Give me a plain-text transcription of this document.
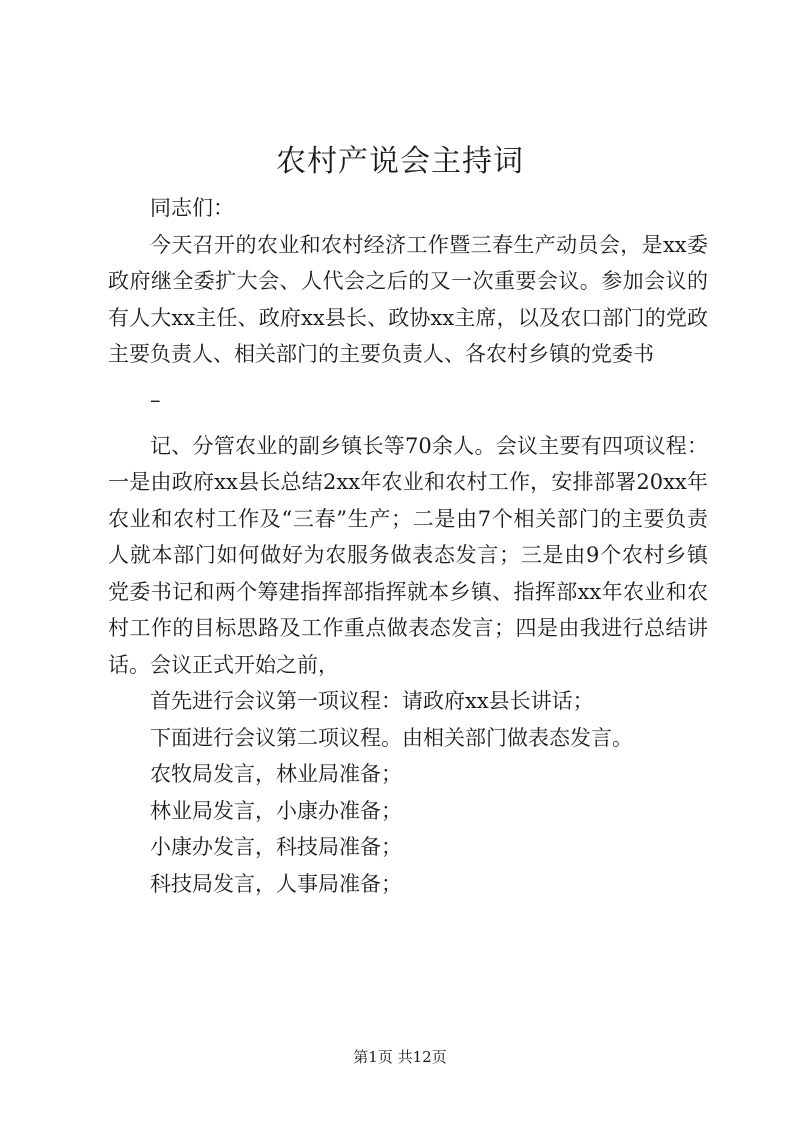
农村产说会主持词

同志们：

今天召开的农业和农村经济工作暨三春生产动员会，是xx委政府继全委扩大会、人代会之后的又一次重要会议。参加会议的有人大xx主任、政府xx县长、政协xx主席，以及农口部门的党政主要负责人、相关部门的主要负责人、各农村乡镇的党委书

–

记、分管农业的副乡镇长等70余人。会议主要有四项议程：一是由政府xx县长总结2xx年农业和农村工作，安排部署20xx年农业和农村工作及“三春”生产；二是由7个相关部门的主要负责人就本部门如何做好为农服务做表态发言；三是由9个农村乡镇党委书记和两个筹建指挥部指挥就本乡镇、指挥部xx年农业和农村工作的目标思路及工作重点做表态发言；四是由我进行总结讲话。会议正式开始之前，

首先进行会议第一项议程：请政府xx县长讲话；

下面进行会议第二项议程。由相关部门做表态发言。

农牧局发言，林业局准备；

林业局发言，小康办准备；

小康办发言，科技局准备；

科技局发言，人事局准备；

第1页 共12页
